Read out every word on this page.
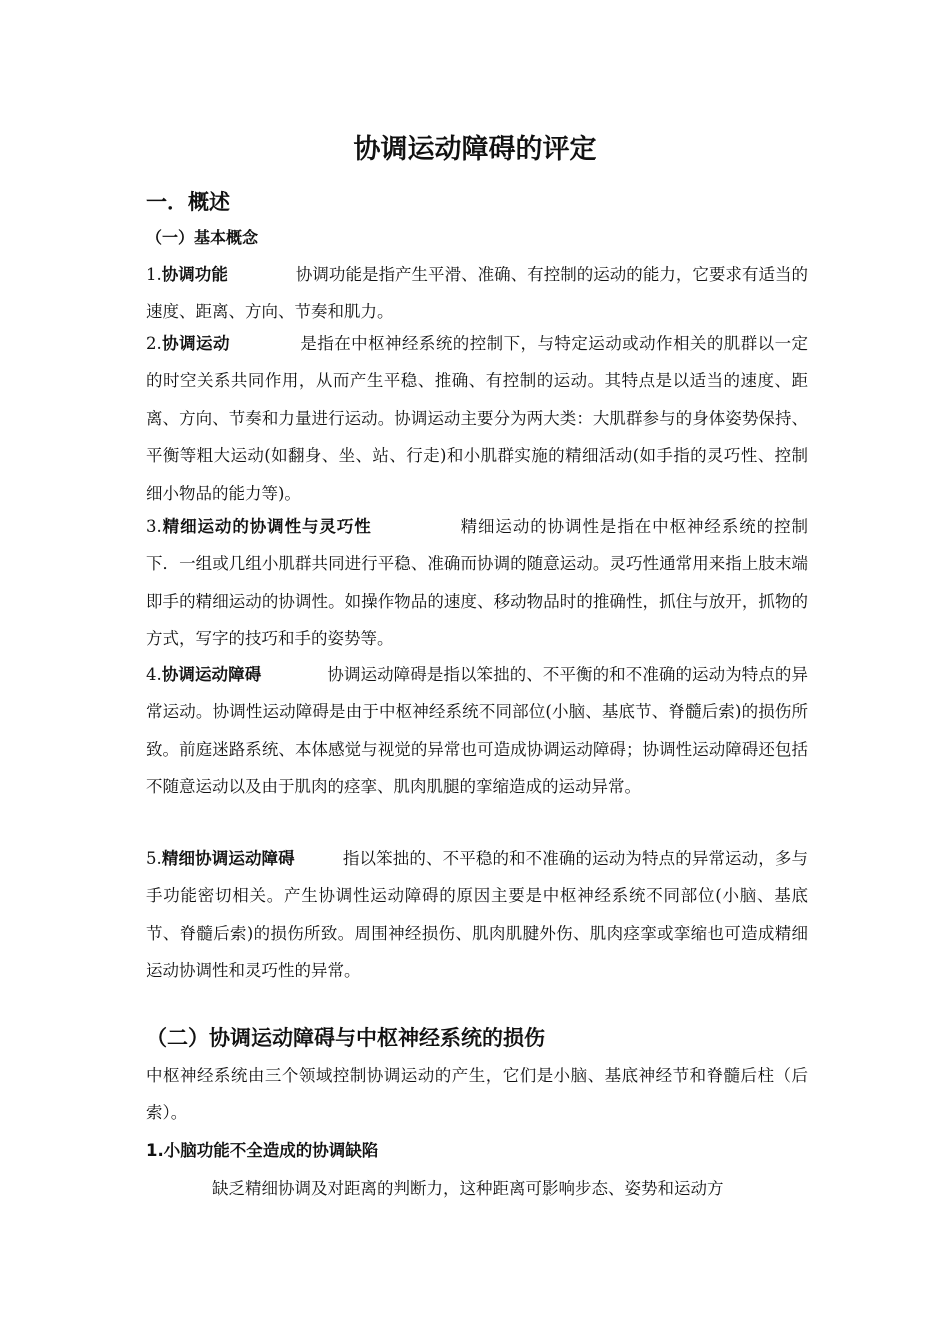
协调运动障碍的评定
一．概述
（一）基本概念
1.协调功能	协调功能是指产生平滑、准确、有控制的运动的能力，它要求有适当的速度、距离、方向、节奏和肌力。
2.协调运动	是指在中枢神经系统的控制下，与特定运动或动作相关的肌群以一定的时空关系共同作用，从而产生平稳、推确、有控制的运动。其特点是以适当的速度、距离、方向、节奏和力量进行运动。协调运动主要分为两大类：大肌群参与的身体姿势保持、平衡等粗大运动(如翻身、坐、站、行走)和小肌群实施的精细活动(如手指的灵巧性、控制细小物品的能力等)。
3.精细运动的协调性与灵巧性	精细运动的协调性是指在中枢神经系统的控制下．一组或几组小肌群共同进行平稳、准确而协调的随意运动。灵巧性通常用来指上肢末端即手的精细运动的协调性。如操作物品的速度、移动物品时的推确性，抓住与放开，抓物的方式，写字的技巧和手的姿势等。
4.协调运动障碍	协调运动障碍是指以笨拙的、不平衡的和不准确的运动为特点的异常运动。协调性运动障碍是由于中枢神经系统不同部位(小脑、基底节、脊髓后索)的损伤所致。前庭迷路系统、本体感觉与视觉的异常也可造成协调运动障碍；协调性运动障碍还包括不随意运动以及由于肌肉的痉挛、肌肉肌腿的挛缩造成的运动异常。
5.精细协调运动障碍	指以笨拙的、不平稳的和不准确的运动为特点的异常运动，多与手功能密切相关。产生协调性运动障碍的原因主要是中枢神经系统不同部位(小脑、基底节、脊髓后索)的损伤所致。周围神经损伤、肌肉肌腱外伤、肌肉痉挛或挛缩也可造成精细运动协调性和灵巧性的异常。
（二）协调运动障碍与中枢神经系统的损伤
中枢神经系统由三个领域控制协调运动的产生，它们是小脑、基底神经节和脊髓后柱（后索）。
1.小脑功能不全造成的协调缺陷
缺乏精细协调及对距离的判断力，这种距离可影响步态、姿势和运动方
